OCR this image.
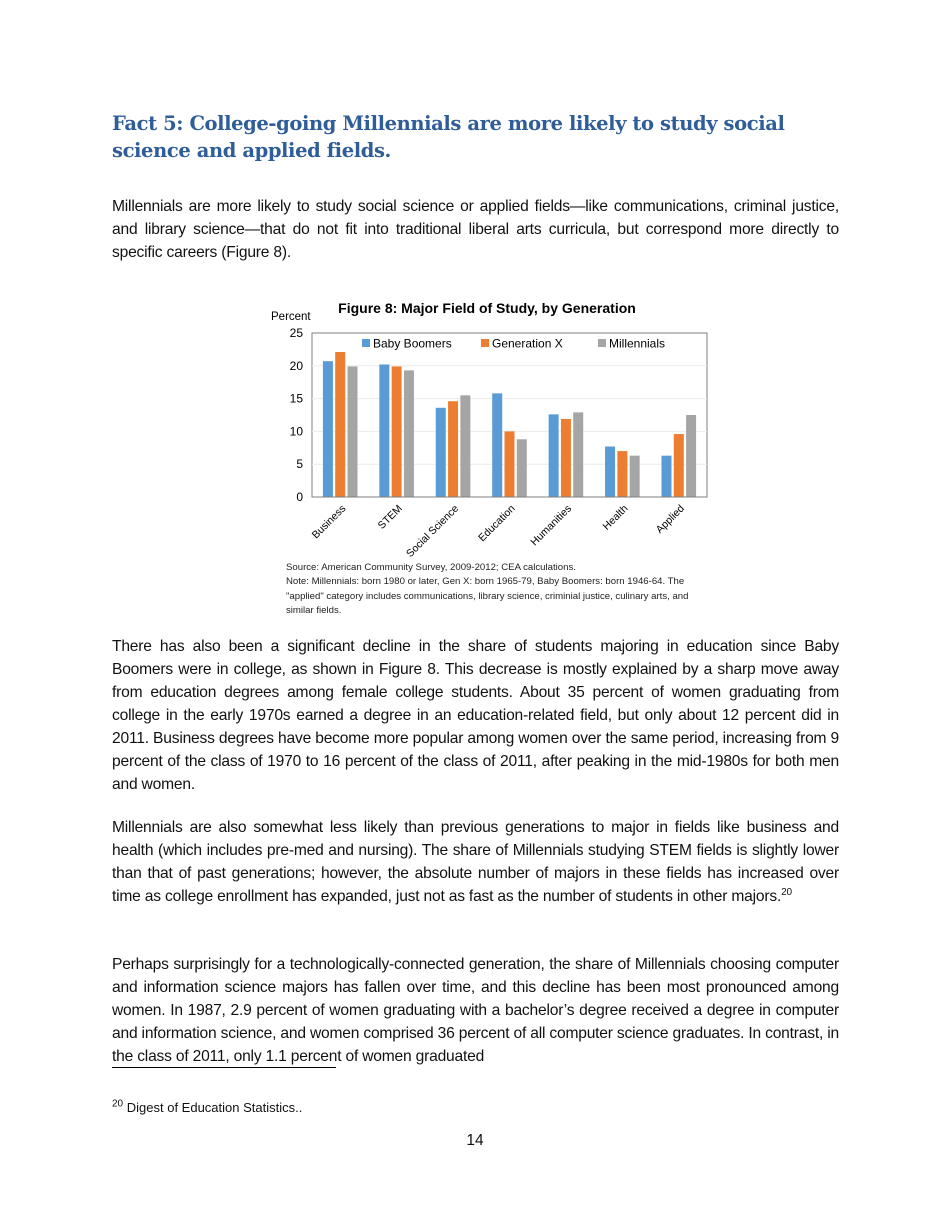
Fact 5: College-going Millennials are more likely to study social science and applied fields.

Millennials are more likely to study social science or applied fields—like communications, criminal justice, and library science—that do not fit into traditional liberal arts curricula, but correspond more directly to specific careers (Figure 8).

Figure 8: Major Field of Study, by Generation
Percent
0
5
10
15
20
25
Business	STEM Social Science Education Humanities	Health Applied
Baby Boomers	Generation X	Millennials
Source: American Community Survey, 2009-2012; CEA calculations.
Note: Millennials: born 1980 or later, Gen X: born 1965-79, Baby Boomers: born 1946-64. The "applied" category includes communications, library science, criminial justice, culinary arts, and similar fields.

There has also been a significant decline in the share of students majoring in education since Baby Boomers were in college, as shown in Figure 8. This decrease is mostly explained by a sharp move away from education degrees among female college students. About 35 percent of women graduating from college in the early 1970s earned a degree in an education-related field, but only about 12 percent did in 2011. Business degrees have become more popular among women over the same period, increasing from 9 percent of the class of 1970 to 16 percent of the class of 2011, after peaking in the mid-1980s for both men and women.

Millennials are also somewhat less likely than previous generations to major in fields like business and health (which includes pre-med and nursing). The share of Millennials studying STEM fields is slightly lower than that of past generations; however, the absolute number of majors in these fields has increased over time as college enrollment has expanded, just not as fast as the number of students in other majors.$^{20}$

Perhaps surprisingly for a technologically-connected generation, the share of Millennials choosing computer and information science majors has fallen over time, and this decline has been most pronounced among women. In 1987, 2.9 percent of women graduating with a bachelor’s degree received a degree in computer and information science, and women comprised 36 percent of all computer science graduates. In contrast, in the class of 2011, only 1.1 percent of women graduated

$^{20}$ Digest of Education Statistics..
14
